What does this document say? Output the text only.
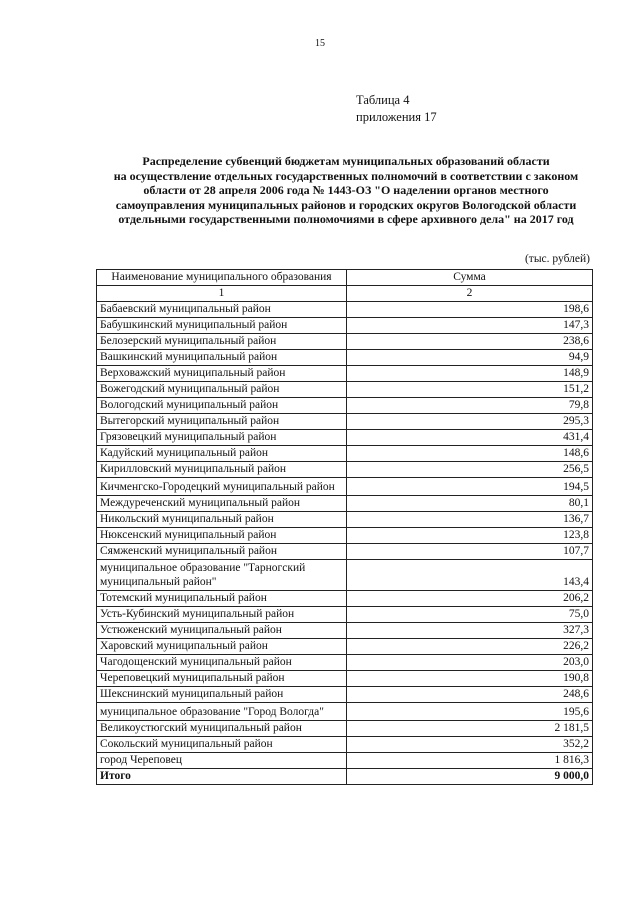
15
Таблица 4
приложения 17
Распределение субвенций бюджетам муниципальных образований области
на осуществление отдельных государственных полномочий в соответствии с законом
области от 28 апреля 2006 года № 1443-ОЗ "О наделении органов местного
самоуправления муниципальных районов и городских округов Вологодской области
отдельными государственными полномочиями в сфере архивного дела" на 2017 год
(тыс. рублей)
Наименование муниципального образования	Сумма
1	2
Бабаевский муниципальный район	198,6
Бабушкинский муниципальный район	147,3
Белозерский муниципальный район	238,6
Вашкинский муниципальный район	94,9
Верховажский муниципальный район	148,9
Вожегодский муниципальный район	151,2
Вологодский муниципальный район	79,8
Вытегорский муниципальный район	295,3
Грязовецкий муниципальный район	431,4
Кадуйский муниципальный район	148,6
Кирилловский муниципальный район	256,5
Кичменгско-Городецкий муниципальный район	194,5
Междуреченский муниципальный район	80,1
Никольский муниципальный район	136,7
Нюксенский муниципальный район	123,8
Сямженский муниципальный район	107,7
муниципальное образование "Тарногский муниципальный район"	143,4
Тотемский муниципальный район	206,2
Усть-Кубинский муниципальный район	75,0
Устюженский муниципальный район	327,3
Харовский муниципальный район	226,2
Чагодощенский муниципальный район	203,0
Череповецкий муниципальный район	190,8
Шекснинский муниципальный район	248,6
муниципальное образование "Город Вологда"	195,6
Великоустюгский муниципальный район	2 181,5
Сокольский муниципальный район	352,2
город Череповец	1 816,3
Итого	9 000,0
